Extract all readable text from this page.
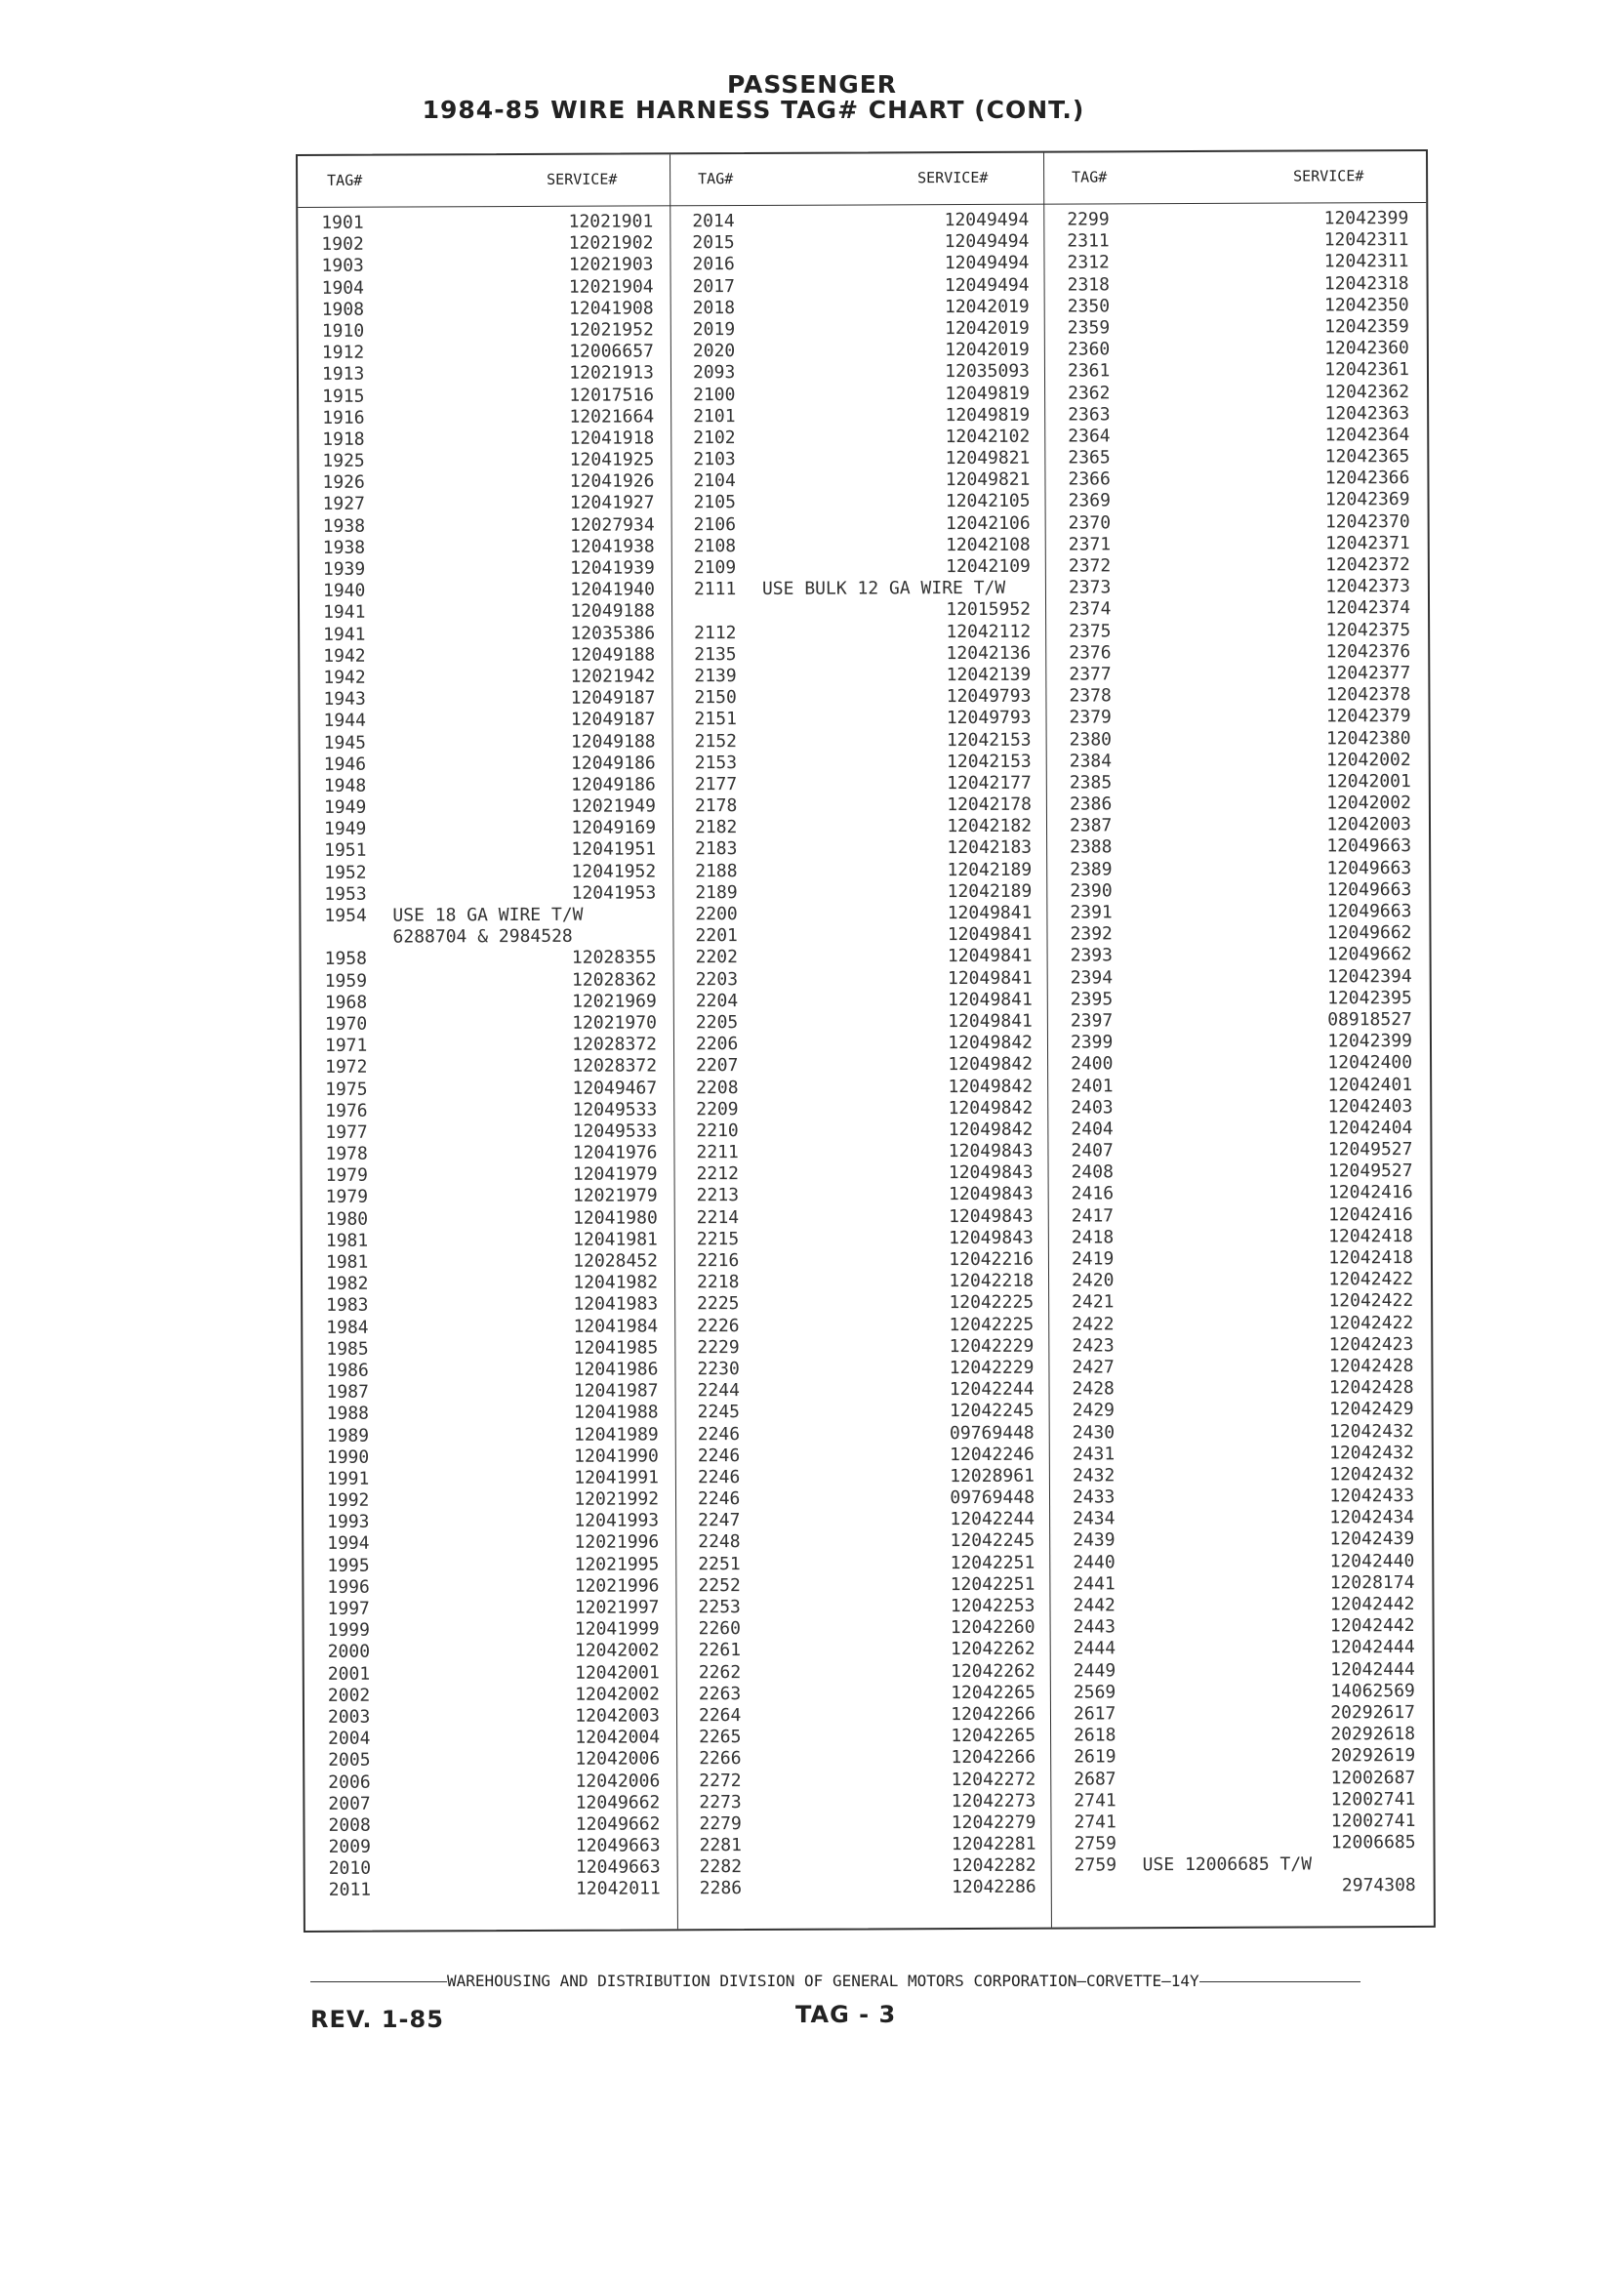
PASSENGER
1984-85 WIRE HARNESS TAG# CHART (CONT.)
TAG#	SERVICE#	TAG#	SERVICE#	TAG#	SERVICE#
1901	12021901
1902	12021902
1903	12021903
1904	12021904
1908	12041908
1910	12021952
1912	12006657
1913	12021913
1915	12017516
1916	12021664
1918	12041918
1925	12041925
1926	12041926
1927	12041927
1938	12027934
1938	12041938
1939	12041939
1940	12041940
1941	12049188
1941	12035386
1942	12049188
1942	12021942
1943	12049187
1944	12049187
1945	12049188
1946	12049186
1948	12049186
1949	12021949
1949	12049169
1951	12041951
1952	12041952
1953	12041953
1954 USE 18 GA WIRE T/W
6288704 & 2984528
1958	12028355
1959	12028362
1968	12021969
1970	12021970
1971	12028372
1972	12028372
1975	12049467
1976	12049533
1977	12049533
1978	12041976
1979	12041979
1979	12021979
1980	12041980
1981	12041981
1981	12028452
1982	12041982
1983	12041983
1984	12041984
1985	12041985
1986	12041986
1987	12041987
1988	12041988
1989	12041989
1990	12041990
1991	12041991
1992	12021992
1993	12041993
1994	12021996
1995	12021995
1996	12021996
1997	12021997
1999	12041999
2000	12042002
2001	12042001
2002	12042002
2003	12042003
2004	12042004
2005	12042006
2006	12042006
2007	12049662
2008	12049662
2009	12049663
2010	12049663
2011	12042011
2014	12049494
2015	12049494
2016	12049494
2017	12049494
2018	12042019
2019	12042019
2020	12042019
2093	12035093
2100	12049819
2101	12049819
2102	12042102
2103	12049821
2104	12049821
2105	12042105
2106	12042106
2108	12042108
2109	12042109
2111 USE BULK 12 GA WIRE T/W
12015952
2112	12042112
2135	12042136
2139	12042139
2150	12049793
2151	12049793
2152	12042153
2153	12042153
2177	12042177
2178	12042178
2182	12042182
2183	12042183
2188	12042189
2189	12042189
2200	12049841
2201	12049841
2202	12049841
2203	12049841
2204	12049841
2205	12049841
2206	12049842
2207	12049842
2208	12049842
2209	12049842
2210	12049842
2211	12049843
2212	12049843
2213	12049843
2214	12049843
2215	12049843
2216	12042216
2218	12042218
2225	12042225
2226	12042225
2229	12042229
2230	12042229
2244	12042244
2245	12042245
2246	09769448
2246	12042246
2246	12028961
2246	09769448
2247	12042244
2248	12042245
2251	12042251
2252	12042251
2253	12042253
2260	12042260
2261	12042262
2262	12042262
2263	12042265
2264	12042266
2265	12042265
2266	12042266
2272	12042272
2273	12042273
2279	12042279
2281	12042281
2282	12042282
2286	12042286
2299	12042399
2311	12042311
2312	12042311
2318	12042318
2350	12042350
2359	12042359
2360	12042360
2361	12042361
2362	12042362
2363	12042363
2364	12042364
2365	12042365
2366	12042366
2369	12042369
2370	12042370
2371	12042371
2372	12042372
2373	12042373
2374	12042374
2375	12042375
2376	12042376
2377	12042377
2378	12042378
2379	12042379
2380	12042380
2384	12042002
2385	12042001
2386	12042002
2387	12042003
2388	12049663
2389	12049663
2390	12049663
2391	12049663
2392	12049662
2393	12049662
2394	12042394
2395	12042395
2397	08918527
2399	12042399
2400	12042400
2401	12042401
2403	12042403
2404	12042404
2407	12049527
2408	12049527
2416	12042416
2417	12042416
2418	12042418
2419	12042418
2420	12042422
2421	12042422
2422	12042422
2423	12042423
2427	12042428
2428	12042428
2429	12042429
2430	12042432
2431	12042432
2432	12042432
2433	12042433
2434	12042434
2439	12042439
2440	12042440
2441	12028174
2442	12042442
2443	12042442
2444	12042444
2449	12042444
2569	14062569
2617	20292617
2618	20292618
2619	20292619
2687	12002687
2741	12002741
2741	12002741
2759	12006685
2759 USE 12006685 T/W
2974308
WAREHOUSING AND DISTRIBUTION DIVISION OF GENERAL MOTORS CORPORATION—CORVETTE—14Y
REV. 1-85	TAG - 3
